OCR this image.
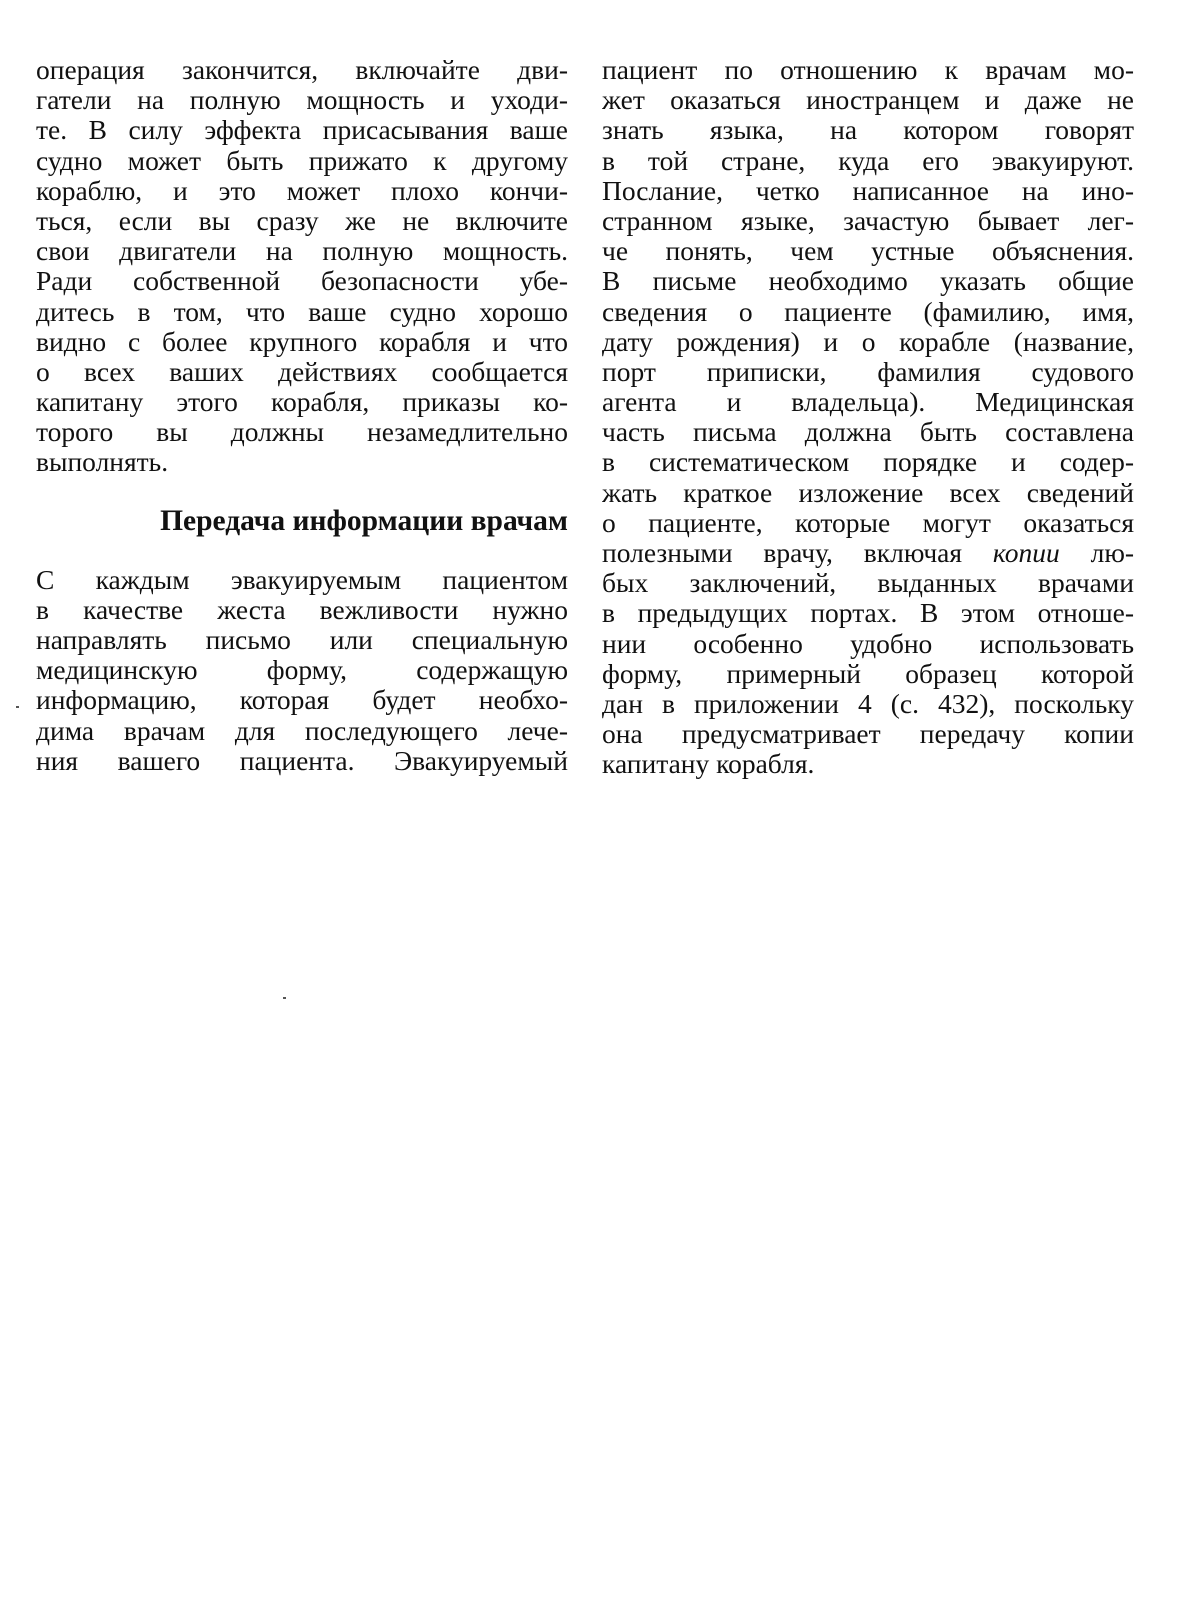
операция закончится, включайте дви-
гатели на полную мощность и уходи-
те. В силу эффекта присасывания ваше
судно может быть прижато к другому
кораблю, и это может плохо кончи-
ться, если вы сразу же не включите
свои двигатели на полную мощность.
Ради собственной безопасности убе-
дитесь в том, что ваше судно хорошо
видно с более крупного корабля и что
о всех ваших действиях сообщается
капитану этого корабля, приказы ко-
торого вы должны незамедлительно
выполнять.
Передача информации врачам
С каждым эвакуируемым пациентом
в качестве жеста вежливости нужно
направлять письмо или специальную
медицинскую форму, содержащую
информацию, которая будет необхо-
дима врачам для последующего лече-
ния вашего пациента. Эвакуируемый
пациент по отношению к врачам мо-
жет оказаться иностранцем и даже не
знать языка, на котором говорят
в той стране, куда его эвакуируют.
Послание, четко написанное на ино-
странном языке, зачастую бывает лег-
че понять, чем устные объяснения.
В письме необходимо указать общие
сведения о пациенте (фамилию, имя,
дату рождения) и о корабле (название,
порт приписки, фамилия судового
агента и владельца). Медицинская
часть письма должна быть составлена
в систематическом порядке и содер-
жать краткое изложение всех сведений
о пациенте, которые могут оказаться
полезными врачу, включая копии лю-
бых заключений, выданных врачами
в предыдущих портах. В этом отноше-
нии особенно удобно использовать
форму, примерный образец которой
дан в приложении 4 (с. 432), поскольку
она предусматривает передачу копии
капитану корабля.
